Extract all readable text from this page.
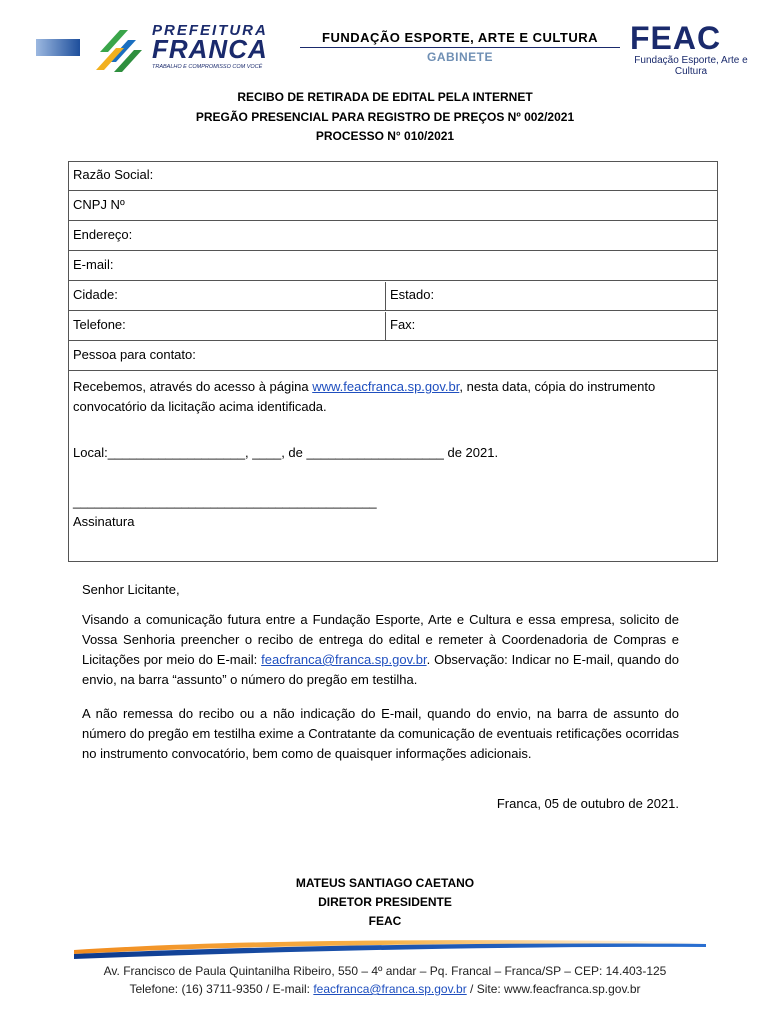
PREFEITURA
FRANCA
TRABALHO E COMPROMISSO COM VOCÊ
FUNDAÇÃO ESPORTE, ARTE E CULTURA
GABINETE
FEAC
Fundação Esporte, Arte e Cultura
RECIBO DE RETIRADA DE EDITAL PELA INTERNET
PREGÃO PRESENCIAL PARA REGISTRO DE PREÇOS Nº 002/2021
PROCESSO N° 010/2021
Razão Social:
CNPJ Nº
Endereço:
E-mail:
Cidade:	Estado:
Telefone:	Fax:
Pessoa para contato:
Recebemos, através do acesso à página www.feacfranca.sp.gov.br, nesta data, cópia do instrumento
convocatório da licitação acima identificada.
Local:___________________, ____, de ___________________ de 2021.
__________________________________________
Assinatura
Senhor Licitante,
Visando a comunicação futura entre a Fundação Esporte, Arte e Cultura e essa empresa, solicito de Vossa Senhoria preencher o recibo de entrega do edital e remeter à Coordenadoria de Compras e Licitações por meio do E-mail: feacfranca@franca.sp.gov.br. Observação: Indicar no E-mail, quando do envio, na barra “assunto” o número do pregão em testilha.
A não remessa do recibo ou a não indicação do E-mail, quando do envio, na barra de assunto do número do pregão em testilha exime a Contratante da comunicação de eventuais retificações ocorridas no instrumento convocatório, bem como de quaisquer informações adicionais.
Franca, 05 de outubro de 2021.
MATEUS SANTIAGO CAETANO
DIRETOR PRESIDENTE
FEAC
Av. Francisco de Paula Quintanilha Ribeiro, 550 – 4º andar – Pq. Francal – Franca/SP – CEP: 14.403-125
Telefone: (16) 3711-9350 / E-mail: feacfranca@franca.sp.gov.br / Site: www.feacfranca.sp.gov.br
